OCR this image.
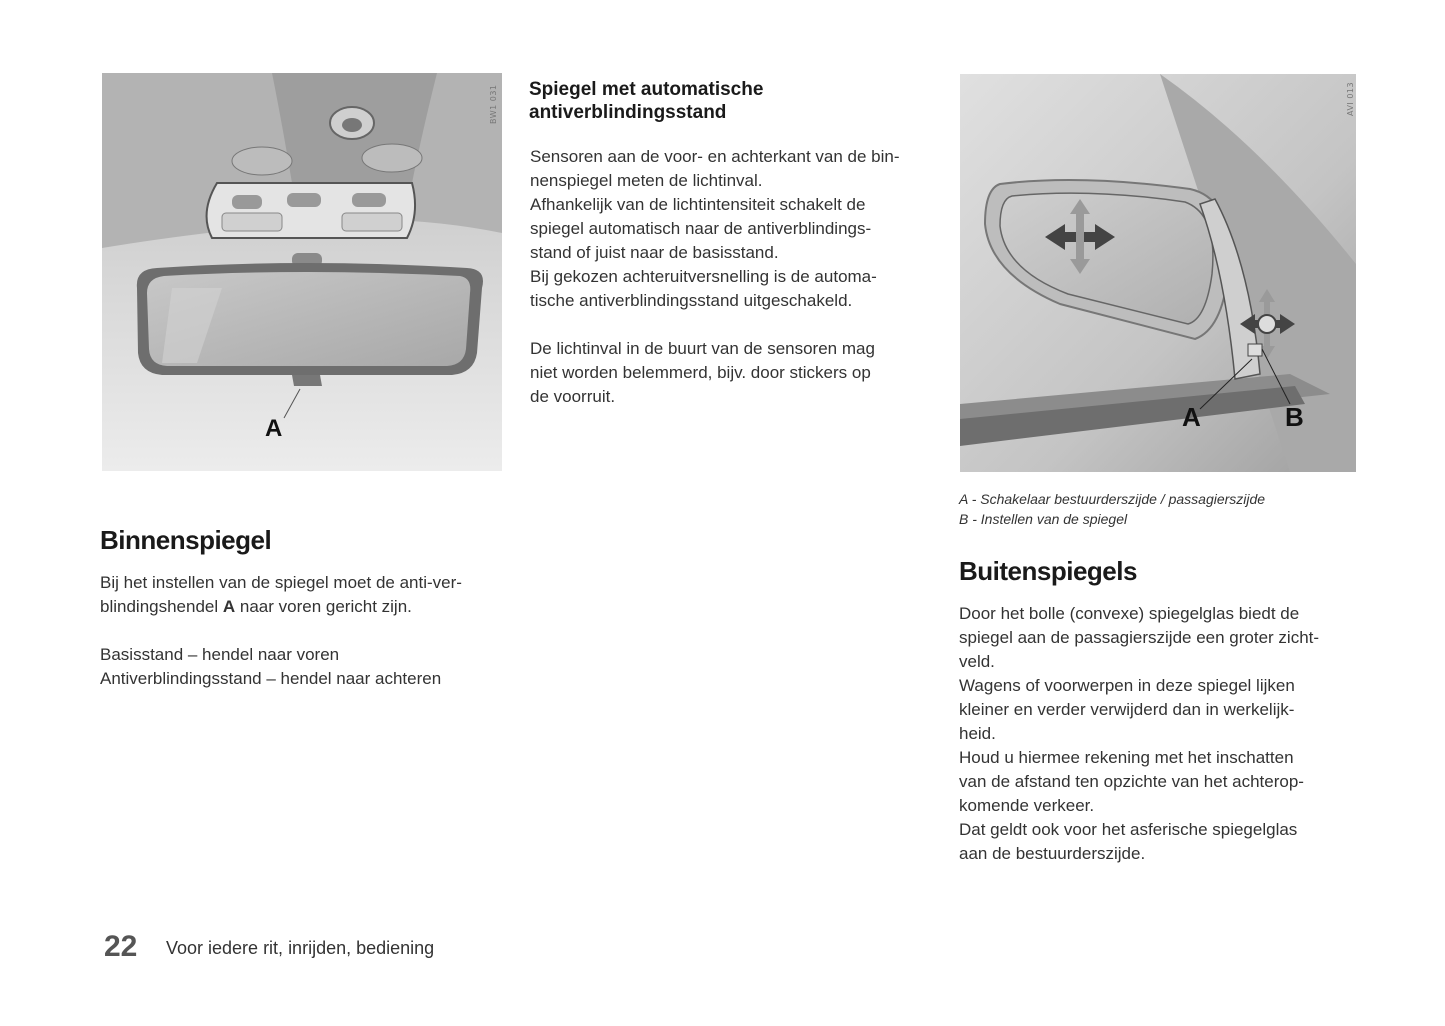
A
BW1 031
A	B
AVI 013
Spiegel met automatische
antiverblindingsstand
Sensoren aan de voor- en achterkant van de bin-
nenspiegel meten de lichtinval.
Afhankelijk van de lichtintensiteit schakelt de
spiegel automatisch naar de antiverblindings-
stand of juist naar de basisstand.
Bij gekozen achteruitversnelling is de automa-
tische antiverblindingsstand uitgeschakeld.
De lichtinval in de buurt van de sensoren mag
niet worden belemmerd, bijv. door stickers op
de voorruit.
Binnenspiegel
Bij het instellen van de spiegel moet de anti-ver-
blindingshendel A naar voren gericht zijn.
Basisstand – hendel naar voren
Antiverblindingsstand – hendel naar achteren
A - Schakelaar bestuurderszijde / passagierszijde
B - Instellen van de spiegel
Buitenspiegels
Door het bolle (convexe) spiegelglas biedt de
spiegel aan de passagierszijde een groter zicht-
veld.
Wagens of voorwerpen in deze spiegel lijken
kleiner en verder verwijderd dan in werkelijk-
heid.
Houd u hiermee rekening met het inschatten
van de afstand ten opzichte van het achterop-
komende verkeer.
Dat geldt ook voor het asferische spiegelglas
aan de bestuurderszijde.
22 Voor iedere rit, inrijden, bediening
